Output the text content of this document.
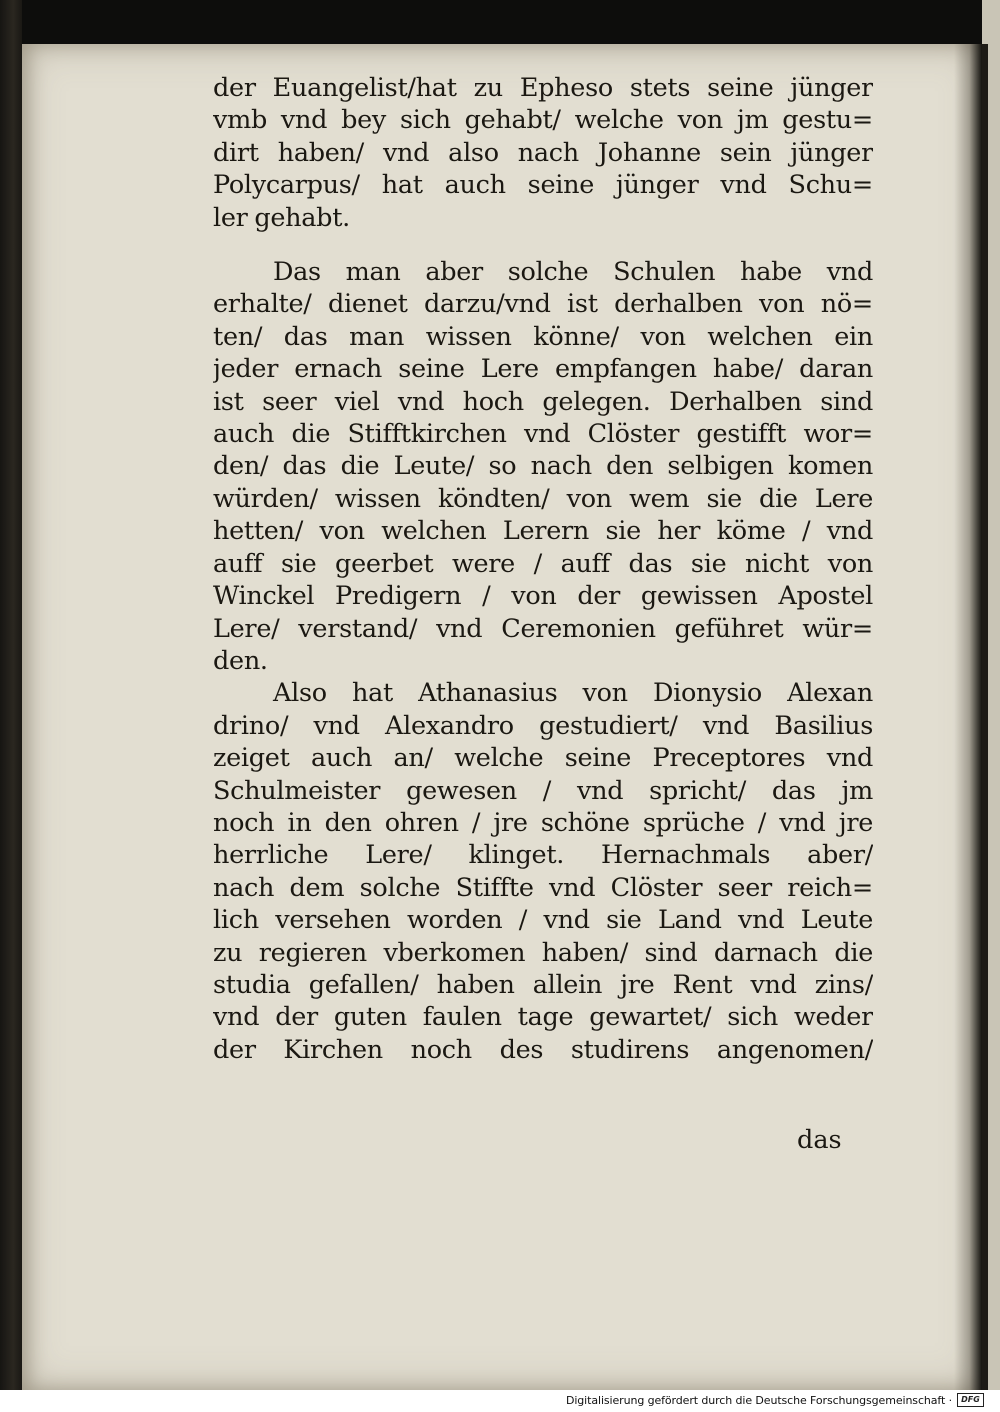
der Euangelist/hat zu Epheso stets seine jünger
vmb vnd bey sich gehabt/ welche von jm gestu=
dirt haben/ vnd also nach Johanne sein jünger
Polycarpus/ hat auch seine jünger vnd Schu=
ler gehabt.
Das man aber solche Schulen habe vnd
erhalte/ dienet darzu/vnd ist derhalben von nö=
ten/ das man wissen könne/ von welchen ein
jeder ernach seine Lere empfangen habe/ daran
ist seer viel vnd hoch gelegen. Derhalben sind
auch die Stifftkirchen vnd Clöster gestifft wor=
den/ das die Leute/ so nach den selbigen komen
würden/ wissen köndten/ von wem sie die Lere
hetten/ von welchen Lerern sie her köme / vnd
auff sie geerbet were / auff das sie nicht von
Winckel Predigern / von der gewissen Apostel
Lere/ verstand/ vnd Ceremonien geführet wür=
den.
Also hat Athanasius von Dionysio Alexan
drino/ vnd Alexandro gestudiert/ vnd Basilius
zeiget auch an/ welche seine Preceptores vnd
Schulmeister gewesen / vnd spricht/ das jm
noch in den ohren / jre schöne sprüche / vnd jre
herrliche Lere/ klinget. Hernachmals aber/
nach dem solche Stiffte vnd Clöster seer reich=
lich versehen worden / vnd sie Land vnd Leute
zu regieren vberkomen haben/ sind darnach die
studia gefallen/ haben allein jre Rent vnd zins/
vnd der guten faulen tage gewartet/ sich weder
der Kirchen noch des studirens angenomen/
das
Digitalisierung gefördert durch die Deutsche Forschungsgemeinschaft ·	DFG
